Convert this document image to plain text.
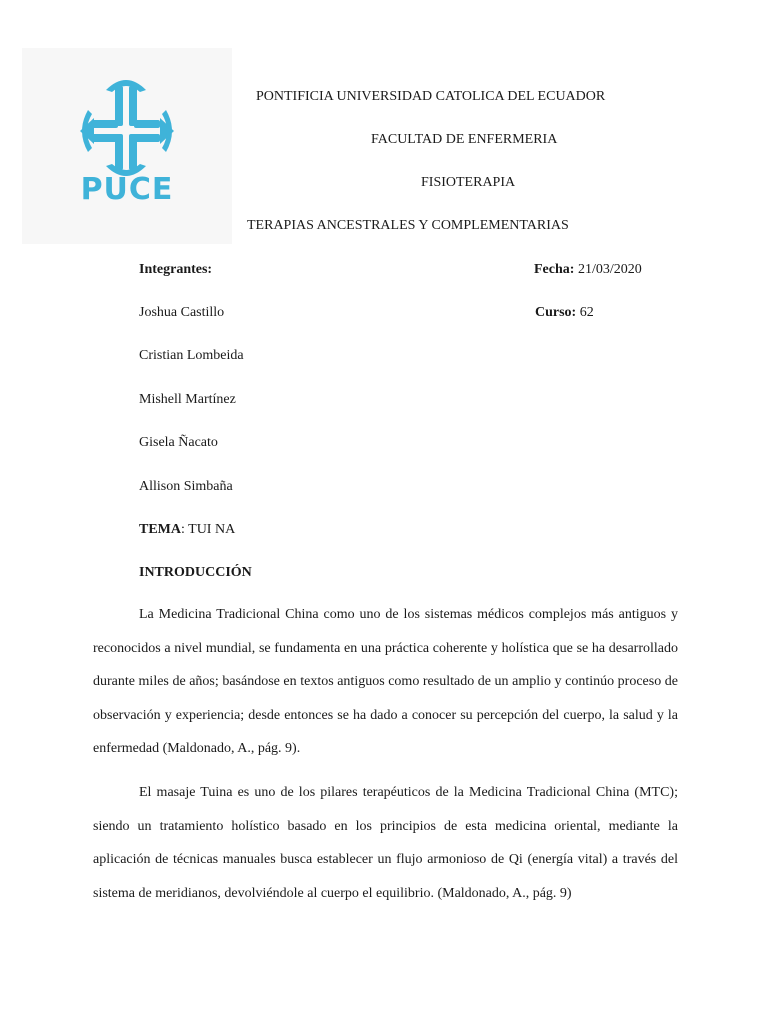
PUCE
PONTIFICIA UNIVERSIDAD CATOLICA DEL ECUADOR
FACULTAD DE ENFERMERIA
FISIOTERAPIA
TERAPIAS ANCESTRALES Y COMPLEMENTARIAS
Integrantes:	Fecha: 21/03/2020
Joshua Castillo	Curso: 62
Cristian Lombeida
Mishell Martínez
Gisela Ñacato
Allison Simbaña
TEMA: TUI NA
INTRODUCCIÓN
La Medicina Tradicional China como uno de los sistemas médicos complejos más antiguos y reconocidos a nivel mundial, se fundamenta en una práctica coherente y holística que se ha desarrollado durante miles de años; basándose en textos antiguos como resultado de un amplio y continúo proceso de observación y experiencia; desde entonces se ha dado a conocer su percepción del cuerpo, la salud y la enfermedad (Maldonado, A., pág. 9).
El masaje Tuina es uno de los pilares terapéuticos de la Medicina Tradicional China (MTC); siendo un tratamiento holístico basado en los principios de esta medicina oriental, mediante la aplicación de técnicas manuales busca establecer un flujo armonioso de Qi (energía vital) a través del sistema de meridianos, devolviéndole al cuerpo el equilibrio. (Maldonado, A., pág. 9)
